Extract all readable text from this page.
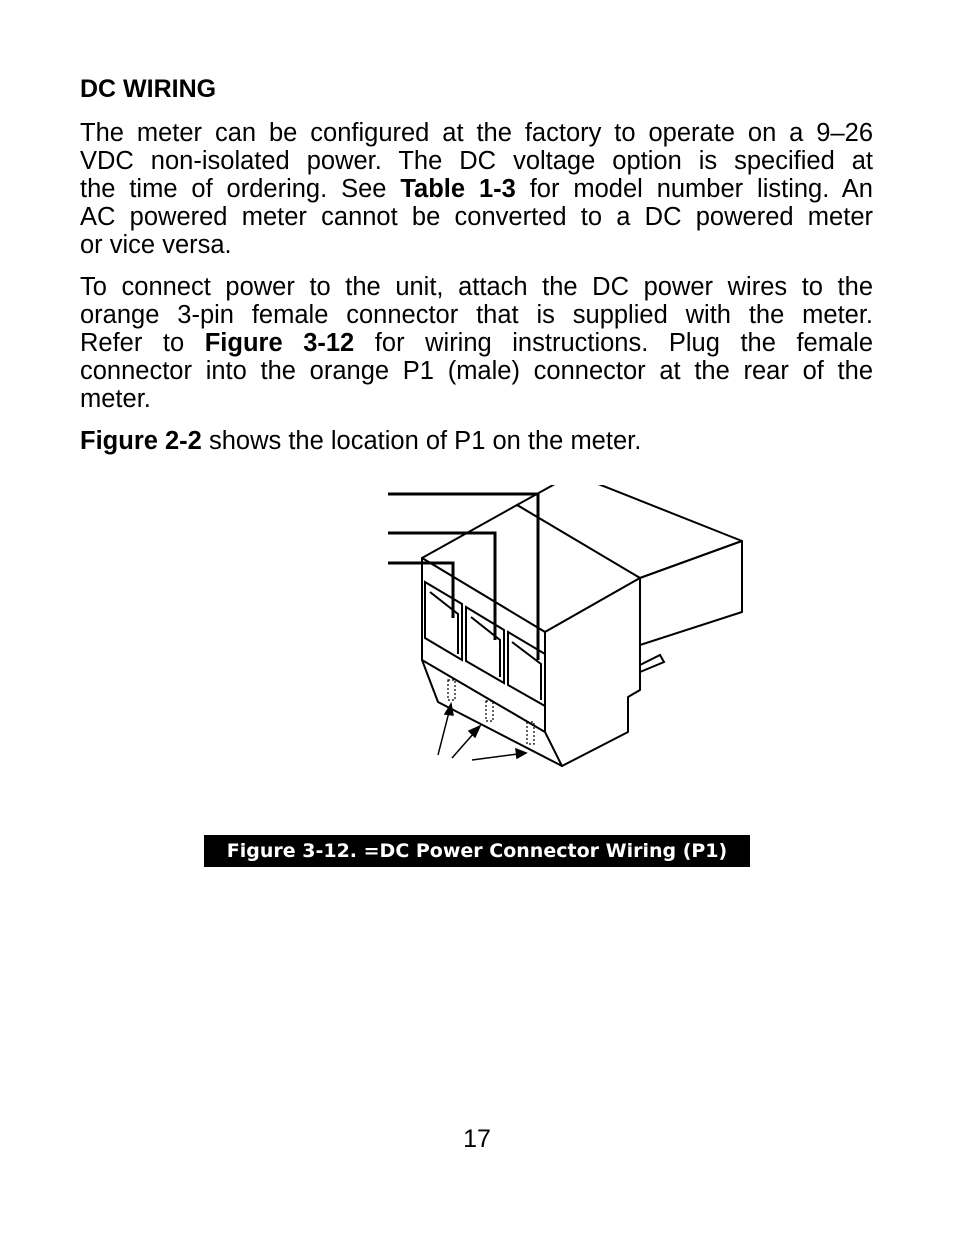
DC WIRING

The meter can be configured at the factory to operate on a 9–26
VDC non-isolated power. The DC voltage option is specified at
the time of ordering. See Table 1-3 for model number listing. An
AC powered meter cannot be converted to a DC powered meter
or vice versa.

To connect power to the unit, attach the DC power wires to the
orange 3-pin female connector that is supplied with the meter.
Refer to Figure 3-12 for wiring instructions. Plug the female
connector into the orange P1 (male) connector at the rear of the
meter.

Figure 2-2 shows the location of P1 on the meter.

Figure 3-12. =DC Power Connector Wiring (P1)
17
